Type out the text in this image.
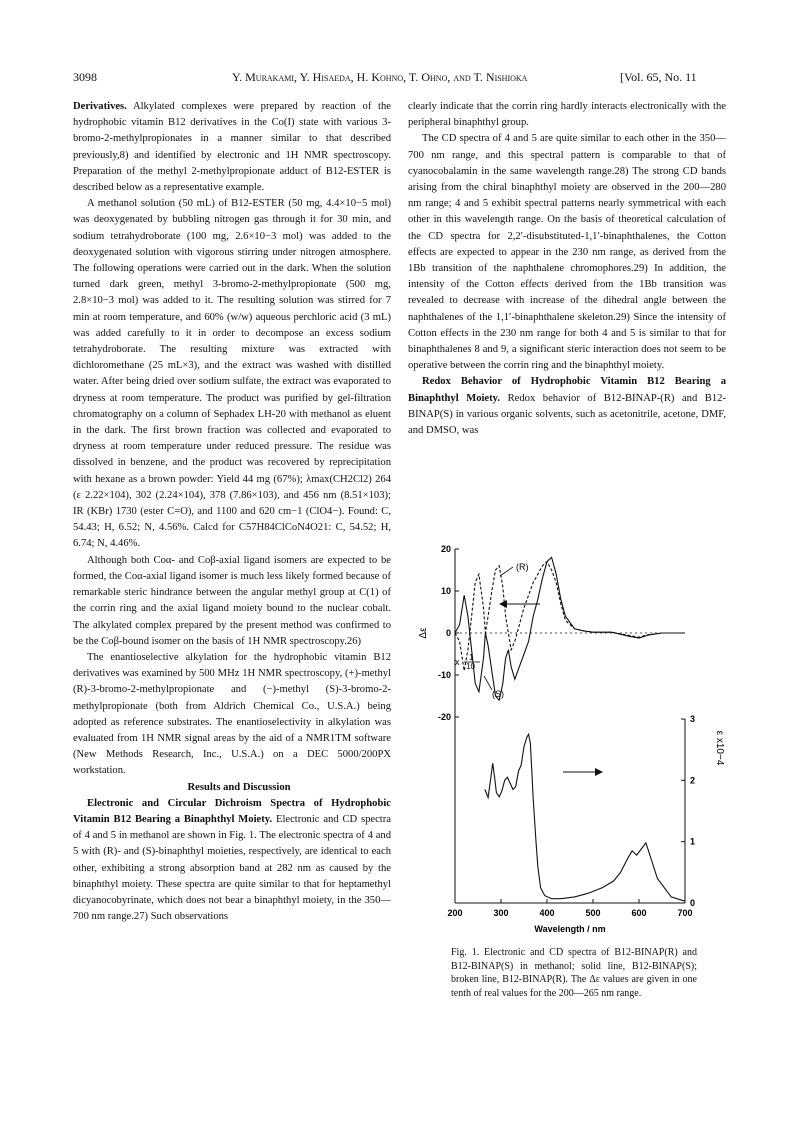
3098	Y. Murakami, Y. Hisaeda, H. Kohno, T. Ohno, and T. Nishioka	[Vol. 65, No. 11

Derivatives. Alkylated complexes were prepared by reaction of the hydrophobic vitamin B12 derivatives in the Co(I) state with various 3-bromo-2-methylpropionates in a manner similar to that described previously,8) and identified by electronic and 1H NMR spectroscopy. Preparation of the methyl 2-methylpropionate adduct of B12-ESTER is described below as a representative example.

A methanol solution (50 mL) of B12-ESTER (50 mg, 4.4×10−5 mol) was deoxygenated by bubbling nitrogen gas through it for 30 min, and sodium tetrahydroborate (100 mg, 2.6×10−3 mol) was added to the deoxygenated solution with vigorous stirring under nitrogen atmosphere. The following operations were carried out in the dark. When the solution turned dark green, methyl 3-bromo-2-methylpropionate (500 mg, 2.8×10−3 mol) was added to it. The resulting solution was stirred for 7 min at room temperature, and 60% (w/w) aqueous perchloric acid (3 mL) was added carefully to it in order to decompose an excess sodium tetrahydroborate. The resulting mixture was extracted with dichloromethane (25 mL×3), and the extract was washed with distilled water. After being dried over sodium sulfate, the extract was evaporated to dryness at room temperature. The product was purified by gel-filtration chromatography on a column of Sephadex LH-20 with methanol as eluent in the dark. The first brown fraction was collected and evaporated to dryness at room temperature under reduced pressure. The residue was dissolved in benzene, and the product was recovered by reprecipitation with hexane as a brown powder: Yield 44 mg (67%); λmax(CH2Cl2) 264 (ε 2.22×104), 302 (2.24×104), 378 (7.86×103), and 456 nm (8.51×103); IR (KBr) 1730 (ester C=O), and 1100 and 620 cm−1 (ClO4−). Found: C, 54.43; H, 6.52; N, 4.56%. Calcd for C57H84ClCoN4O21: C, 54.52; H, 6.74; N, 4.46%.

Although both Coα- and Coβ-axial ligand isomers are expected to be formed, the Coα-axial ligand isomer is much less likely formed because of remarkable steric hindrance between the angular methyl group at C(1) of the corrin ring and the axial ligand moiety bound to the nuclear cobalt. The alkylated complex prepared by the present method was confirmed to be the Coβ-bound isomer on the basis of 1H NMR spectroscopy.26)

The enantioselective alkylation for the hydrophobic vitamin B12 derivatives was examined by 500 MHz 1H NMR spectroscopy, (+)-methyl (R)-3-bromo-2-methylpropionate and (−)-methyl (S)-3-bromo-2-methylpropionate (both from Aldrich Chemical Co., U.S.A.) being adopted as reference substrates. The enantioselectivity in alkylation was evaluated from 1H NMR signal areas by the aid of a NMR1TM software (New Methods Research, Inc., U.S.A.) on a DEC 5000/200PX workstation.

Results and Discussion

Electronic and Circular Dichroism Spectra of Hydrophobic Vitamin B12 Bearing a Binaphthyl Moiety. Electronic and CD spectra of 4 and 5 in methanol are shown in Fig. 1. The electronic spectra of 4 and 5 with (R)- and (S)-binaphthyl moieties, respectively, are identical to each other, exhibiting a strong absorption band at 282 nm as caused by the binaphthyl moiety. These spectra are quite similar to that for heptamethyl dicyanocobyrinate, which does not bear a binaphthyl moiety, in the 350—700 nm range.27) Such observations

clearly indicate that the corrin ring hardly interacts electronically with the peripheral binaphthyl group.

The CD spectra of 4 and 5 are quite similar to each other in the 350—700 nm range, and this spectral pattern is comparable to that of cyanocobalamin in the same wavelength range.28) The strong CD bands arising from the chiral binaphthyl moiety are observed in the 200—280 nm range; 4 and 5 exhibit spectral patterns nearly symmetrical with each other in this wavelength range. On the basis of theoretical calculation of the CD spectra for 2,2′-disubstituted-1,1′-binaphthalenes, the Cotton effects are expected to appear in the 230 nm range, as derived from the 1Bb transition of the naphthalene chromophores.29) In addition, the intensity of the Cotton effects derived from the 1Bb transition was revealed to decrease with increase of the dihedral angle between the naphthalenes of the 1,1′-binaphthalene skeleton.29) Since the intensity of Cotton effects in the 230 nm range for both 4 and 5 is similar to that for binaphthalenes 8 and 9, a significant steric interaction does not seem to be operative between the corrin ring and the binaphthyl moiety.

Redox Behavior of Hydrophobic Vitamin B12 Bearing a Binaphthyl Moiety. Redox behavior of B12-BINAP-(R) and B12-BINAP(S) in various organic solvents, such as acetonitrile, acetone, DMF, and DMSO, was

200	300	400	500	600	700
20
10
0
-10
-20	3
2
1
0
Δε
ε x10−4
Wavelength / nm
(R)
(S)
x 1
10
Fig. 1. Electronic and CD spectra of B12-BINAP(R) and B12-BINAP(S) in methanol; solid line, B12-BINAP(S); broken line, B12-BINAP(R). The Δε values are given in one tenth of real values for the 200—265 nm range.
